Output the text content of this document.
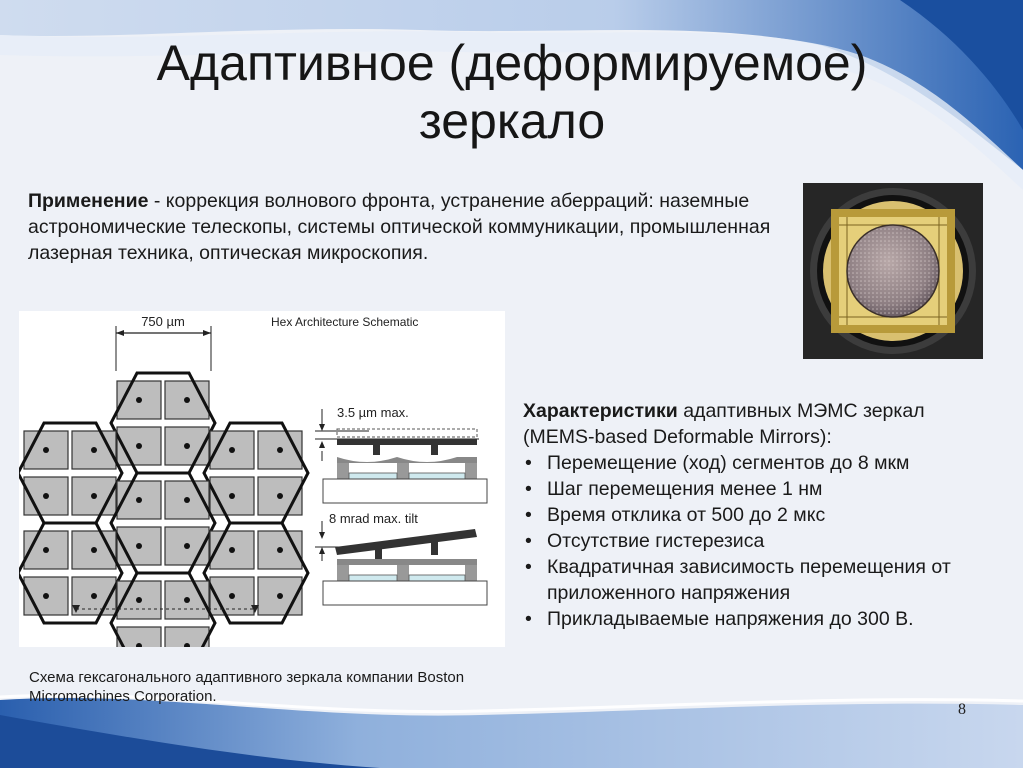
Адаптивное (деформируемое)
зеркало
Применение - коррекция волнового фронта, устранение аберраций: наземные астрономические телескопы, системы оптической коммуникации, промышленная лазерная техника, оптическая микроскопия.
750 µm	Hex Architecture Schematic
3.5 µm max.
8 mrad max. tilt
Схема гексагонального адаптивного зеркала компании Boston Micromachines Corporation.
Характеристики адаптивных МЭМС зеркал (MEMS-based Deformable Mirrors):
• Перемещение (ход) сегментов до 8 мкм
• Шаг перемещения менее 1 нм
• Время отклика от 500 до 2 мкс
• Отсутствие гистерезиса
• Квадратичная зависимость перемещения от приложенного напряжения
• Прикладываемые напряжения до 300 В.
8
